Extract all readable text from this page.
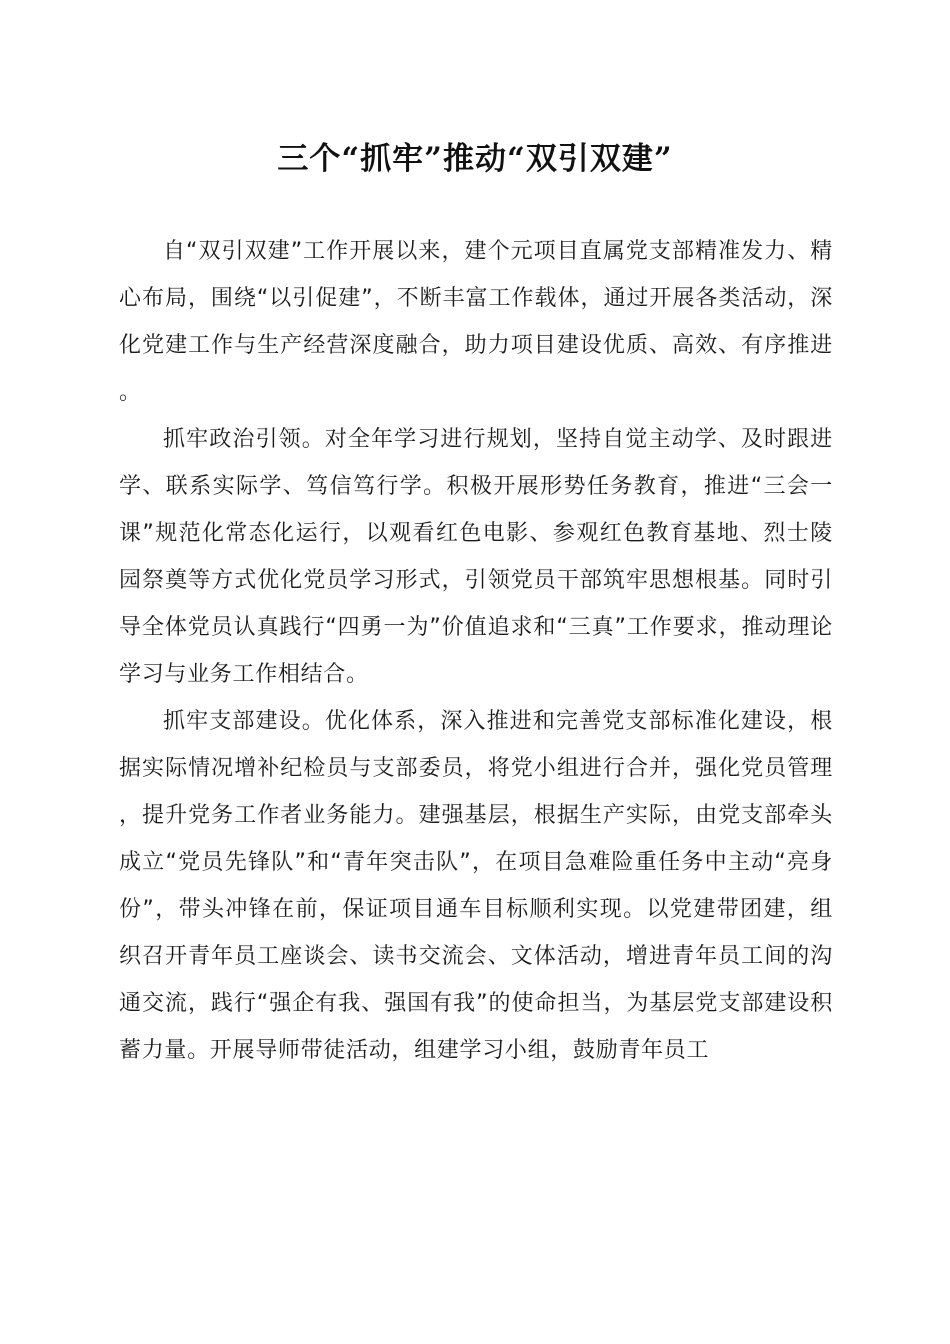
三个“抓牢”推动“双引双建”

自“双引双建”工作开展以来，建个元项目直属党支部精准发力、精心布局，围绕“以引促建”，不断丰富工作载体，通过开展各类活动，深化党建工作与生产经营深度融合，助力项目建设优质、高效、有序推进。

抓牢政治引领。对全年学习进行规划，坚持自觉主动学、及时跟进学、联系实际学、笃信笃行学。积极开展形势任务教育，推进“三会一课”规范化常态化运行，以观看红色电影、参观红色教育基地、烈士陵园祭奠等方式优化党员学习形式，引领党员干部筑牢思想根基。同时引导全体党员认真践行“四勇一为”价值追求和“三真”工作要求，推动理论学习与业务工作相结合。

抓牢支部建设。优化体系，深入推进和完善党支部标准化建设，根据实际情况增补纪检员与支部委员，将党小组进行合并，强化党员管理，提升党务工作者业务能力。建强基层，根据生产实际，由党支部牵头成立“党员先锋队”和“青年突击队”，在项目急难险重任务中主动“亮身份”，带头冲锋在前，保证项目通车目标顺利实现。以党建带团建，组织召开青年员工座谈会、读书交流会、文体活动，增进青年员工间的沟通交流，践行“强企有我、强国有我”的使命担当，为基层党支部建设积蓄力量。开展导师带徒活动，组建学习小组，鼓励青年员工
